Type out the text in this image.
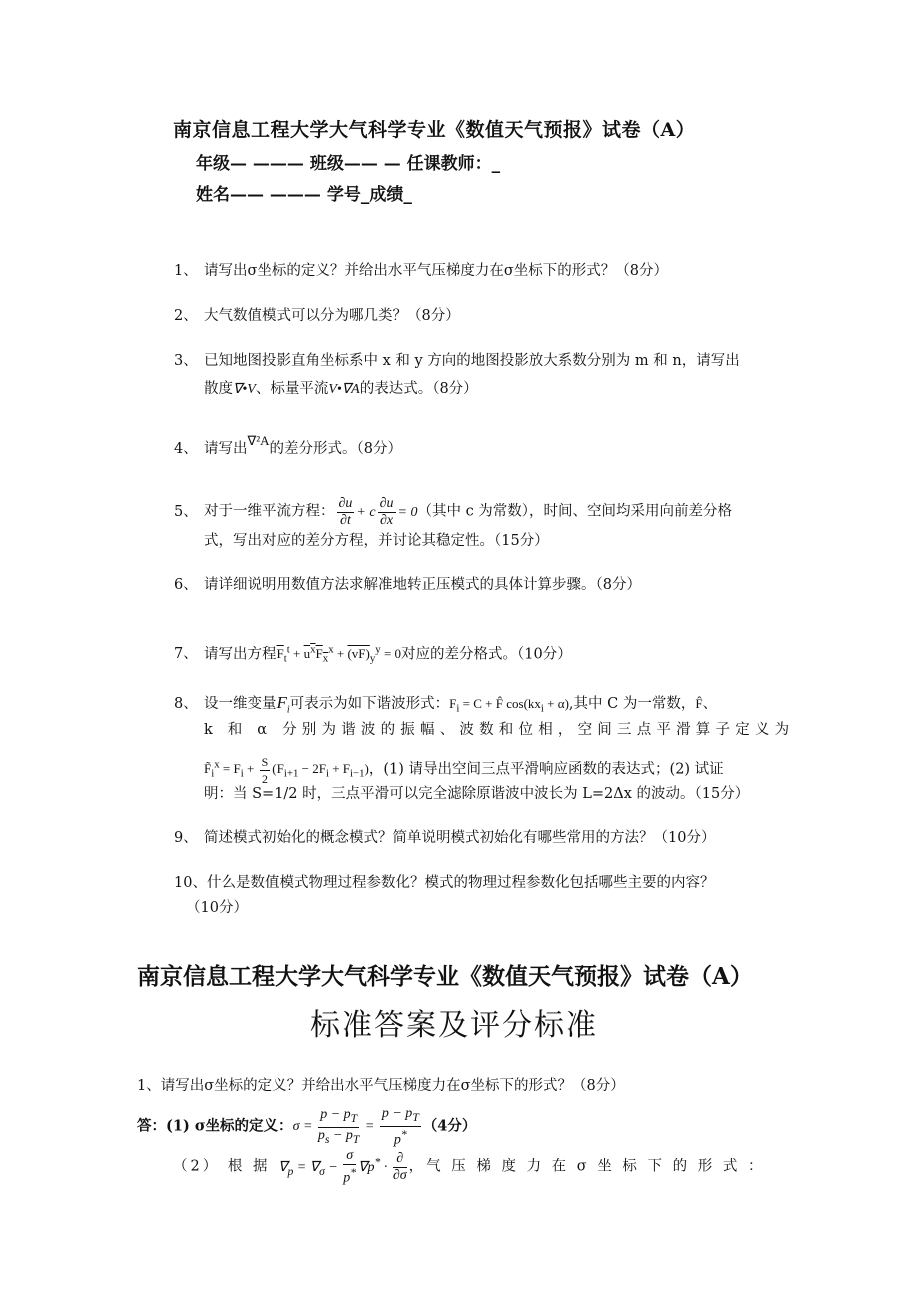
南京信息工程大学大气科学专业《数值天气预报》试卷（A）
年级— ——— 班级—— — 任课教师：_
姓名—— ——— 学号_成绩_
1、 请写出σ坐标的定义？并给出水平气压梯度力在σ坐标下的形式？（8分）
2、 大气数值模式可以分为哪几类？（8分）
3、 已知地图投影直角坐标系中 x 和 y 方向的地图投影放大系数分别为 m 和 n，请写出
散度∇•V、标量平流V•∇A的表达式。（8分）
4、 请写出∇²A的差分形式。（8分）
5、 对于一维平流方程： $\frac{\partial u}{\partial t} + c \frac{\partial u}{\partial x} = 0$（其中 c 为常数），时间、空间均采用向前差分格
式，写出对应的差分方程，并讨论其稳定性。（15分）
6、 请详细说明用数值方法求解准地转正压模式的具体计算步骤。（8分）
7、 请写出方程$\overline{F}_t^t + u^xF_x^x + (vF)_y^y = 0$对应的差分格式。（10分）
8、 设一维变量$F_i$可表示为如下谐波形式：$F_i = C$ + F̂ $\cos(kx_i + \alpha)$,其中 C 为一常数，F̂、
k 和 α 分别为谐波的振幅、波数和位相，空间三点平滑算子定义为
$F̃_i^x = F_i + \frac{S}{2} (F_{i+1} - 2F_i + F_{i-1})$，(1) 请导出空间三点平滑响应函数的表达式；(2) 试证
明：当 S=1/2 时，三点平滑可以完全滤除原谐波中波长为 L=2Δx 的波动。（15分）
9、 简述模式初始化的概念模式？简单说明模式初始化有哪些常用的方法？（10分）
10、什么是数值模式物理过程参数化？模式的物理过程参数化包括哪些主要的内容？
（10分）
南京信息工程大学大气科学专业《数值天气预报》试卷（A）
标准答案及评分标准
1、请写出σ坐标的定义？并给出水平气压梯度力在σ坐标下的形式？（8分）
答：(1) σ坐标的定义：$\sigma = \frac{p - p_T}{p_s - p_T} = \frac{p - p_T}{p^*} (4$分）
（2） 根 据 $\nabla_p = \nabla_\sigma - \frac{\sigma}{p^*} \nabla p^* \cdot \frac{\partial}{\partial\sigma}$ ，气 压 梯 度 力 在 σ 坐 标 下 的 形 式 ：
